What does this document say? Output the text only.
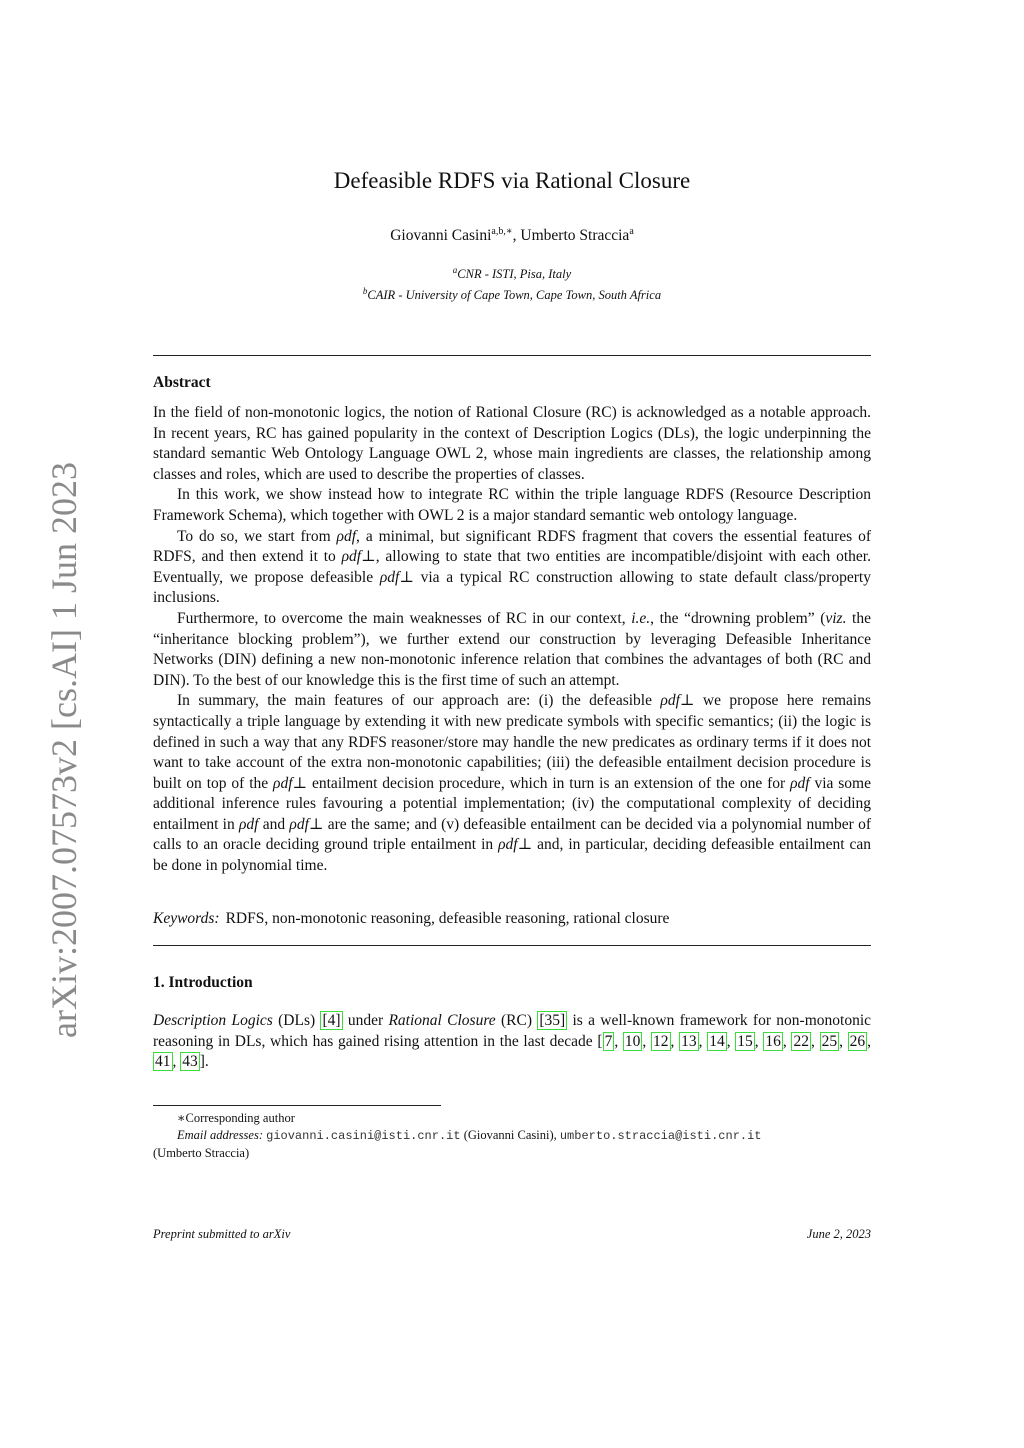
arXiv:2007.07573v2 [cs.AI] 1 Jun 2023
Defeasible RDFS via Rational Closure
Giovanni Casini$^{a,b,∗}$, Umberto Straccia$^a$
$^a$CNR - ISTI, Pisa, Italy
$^b$CAIR - University of Cape Town, Cape Town, South Africa
Abstract

In the field of non-monotonic logics, the notion of Rational Closure (RC) is acknowledged as a notable approach. In recent years, RC has gained popularity in the context of Description Logics (DLs), the logic underpinning the standard semantic Web Ontology Language OWL 2, whose main ingredients are classes, the relationship among classes and roles, which are used to describe the properties of classes.

In this work, we show instead how to integrate RC within the triple language RDFS (Resource Description Framework Schema), which together with OWL 2 is a major standard semantic web ontology language.

To do so, we start from ρdf, a minimal, but significant RDFS fragment that covers the essential features of RDFS, and then extend it to ρdf⊥, allowing to state that two entities are incompatible/disjoint with each other. Eventually, we propose defeasible ρdf⊥ via a typical RC construction allowing to state default class/property inclusions.

Furthermore, to overcome the main weaknesses of RC in our context, i.e., the “drowning problem” (viz. the “inheritance blocking problem”), we further extend our construction by leveraging Defeasible Inheritance Networks (DIN) defining a new non-monotonic inference relation that combines the advantages of both (RC and DIN). To the best of our knowledge this is the first time of such an attempt.

In summary, the main features of our approach are: (i) the defeasible ρdf⊥ we propose here remains syntactically a triple language by extending it with new predicate symbols with specific semantics; (ii) the logic is defined in such a way that any RDFS reasoner/store may handle the new predicates as ordinary terms if it does not want to take account of the extra non-monotonic capabilities; (iii) the defeasible entailment decision procedure is built on top of the ρdf⊥ entailment decision procedure, which in turn is an extension of the one for ρdf via some additional inference rules favouring a potential implementation; (iv) the computational complexity of deciding entailment in ρdf and ρdf⊥ are the same; and (v) defeasible entailment can be decided via a polynomial number of calls to an oracle deciding ground triple entailment in ρdf⊥ and, in particular, deciding defeasible entailment can be done in polynomial time.

Keywords: RDFS, non-monotonic reasoning, defeasible reasoning, rational closure
1. Introduction

Description Logics (DLs) [4] under Rational Closure (RC) [35] is a well-known framework for non-monotonic reasoning in DLs, which has gained rising attention in the last decade [ 7 , 10 , 12 , 13 , 14 , 15 , 16 , 22 , 25 , 26 , 41 , 43 ].

∗Corresponding author
Email addresses: giovanni.casini@isti.cnr.it (Giovanni Casini), umberto.straccia@isti.cnr.it
(Umberto Straccia)
Preprint submitted to arXiv	June 2, 2023
